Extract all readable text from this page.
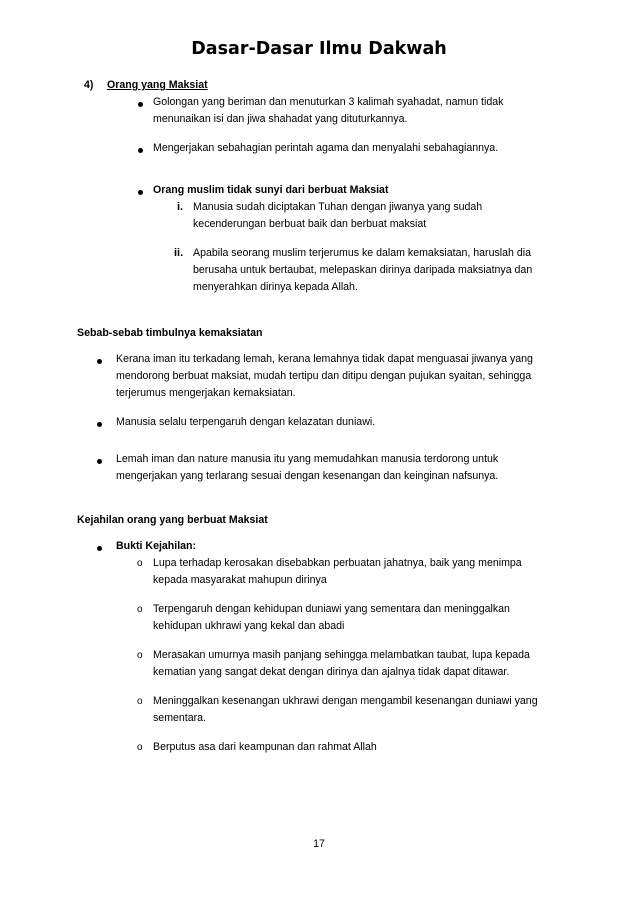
Dasar-Dasar Ilmu Dakwah
4) Orang yang Maksiat
Golongan yang beriman dan menuturkan 3 kalimah syahadat, namun tidak
menunaikan isi dan jiwa shahadat yang dituturkannya.
Mengerjakan sebahagian perintah agama dan menyalahi sebahagiannya.
Orang muslim tidak sunyi dari berbuat Maksiat
i. Manusia sudah diciptakan Tuhan dengan jiwanya yang sudah
kecenderungan berbuat baik dan berbuat maksiat
ii. Apabila seorang muslim terjerumus ke dalam kemaksiatan, haruslah dia
berusaha untuk bertaubat, melepaskan dirinya daripada maksiatnya dan
menyerahkan dirinya kepada Allah.
Sebab-sebab timbulnya kemaksiatan
Kerana iman itu terkadang lemah, kerana lemahnya tidak dapat menguasai jiwanya yang
mendorong berbuat maksiat, mudah tertipu dan ditipu dengan pujukan syaitan, sehingga
terjerumus mengerjakan kemaksiatan.
Manusia selalu terpengaruh dengan kelazatan duniawi.
Lemah iman dan nature manusia itu yang memudahkan manusia terdorong untuk
mengerjakan yang terlarang sesuai dengan kesenangan dan keinginan nafsunya.
Kejahilan orang yang berbuat Maksiat
Bukti Kejahilan:
o Lupa terhadap kerosakan disebabkan perbuatan jahatnya, baik yang menimpa
kepada masyarakat mahupun dirinya
o Terpengaruh dengan kehidupan duniawi yang sementara dan meninggalkan
kehidupan ukhrawi yang kekal dan abadi
o Merasakan umurnya masih panjang sehingga melambatkan taubat, lupa kepada
kematian yang sangat dekat dengan dirinya dan ajalnya tidak dapat ditawar.
o Meninggalkan kesenangan ukhrawi dengan mengambil kesenangan duniawi yang
sementara.
o Berputus asa dari keampunan dan rahmat Allah
17
